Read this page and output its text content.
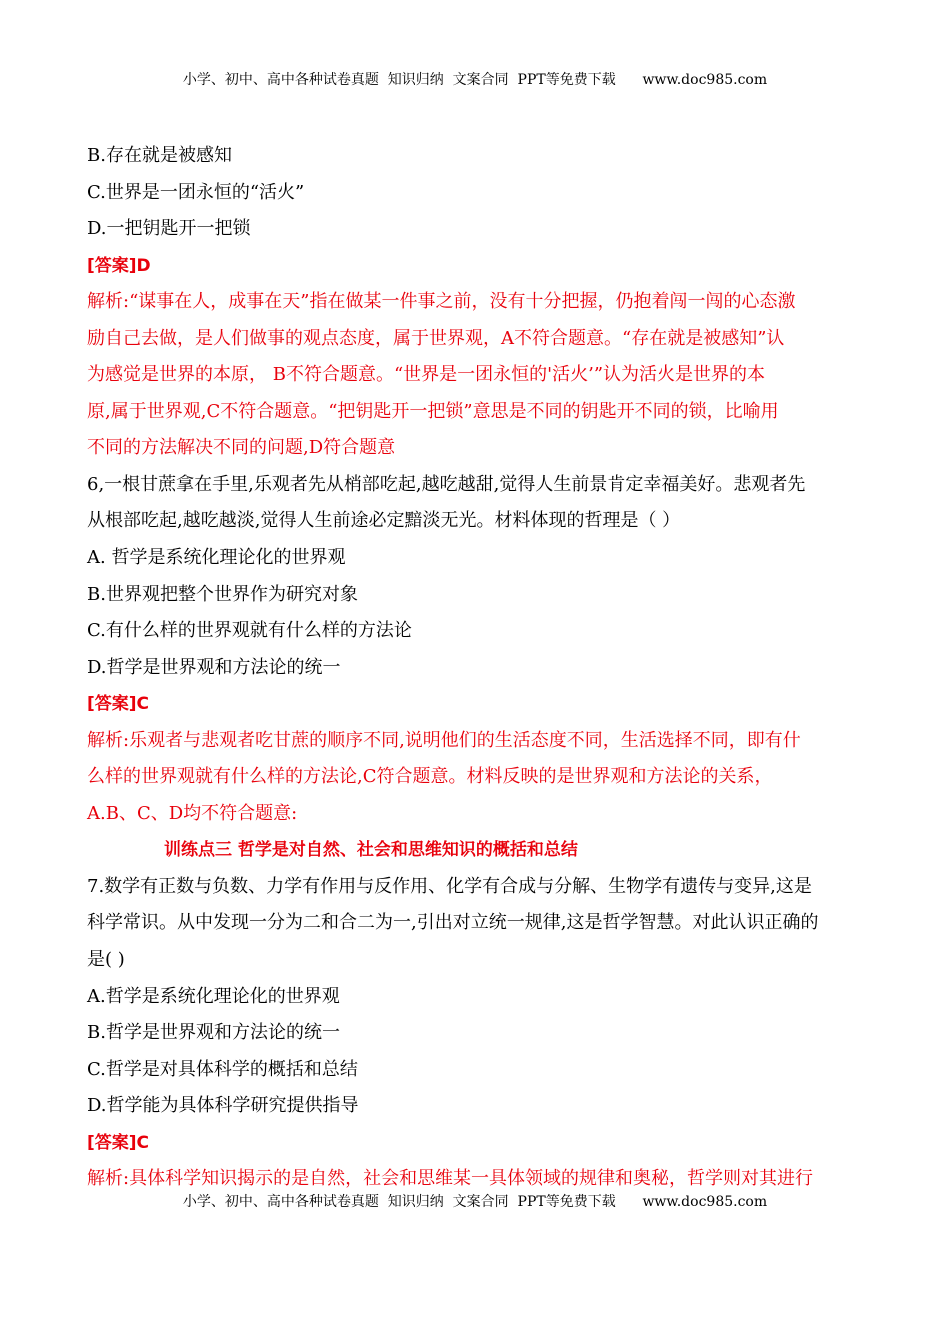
小学、初中、高中各种试卷真题  知识归纳  文案合同  PPT等免费下载      www.doc985.com
B.存在就是被感知
C.世界是一团永恒的“活火”
D.一把钥匙开一把锁
[答案]D
解析:“谋事在人，成事在天”指在做某一件事之前，没有十分把握，仍抱着闯一闯的心态激
励自己去做，是人们做事的观点态度，属于世界观，A不符合题意。“存在就是被感知”认
为感觉是世界的本原， B不符合题意。“世界是一团永恒的'活火’”认为活火是世界的本
原,属于世界观,C不符合题意。“把钥匙开一把锁”意思是不同的钥匙开不同的锁，比喻用
不同的方法解决不同的问题,D符合题意
6,一根甘蔗拿在手里,乐观者先从梢部吃起,越吃越甜,觉得人生前景肯定幸福美好。悲观者先
从根部吃起,越吃越淡,觉得人生前途必定黯淡无光。材料体现的哲理是（ ）
A. 哲学是系统化理论化的世界观
B.世界观把整个世界作为研究对象
C.有什么样的世界观就有什么样的方法论
D.哲学是世界观和方法论的统一
[答案]C
解析:乐观者与悲观者吃甘蔗的顺序不同,说明他们的生活态度不同，生活选择不同，即有什
么样的世界观就有什么样的方法论,C符合题意。材料反映的是世界观和方法论的关系，
A.B、C、D均不符合题意:
训练点三 哲学是对自然、社会和思维知识的概括和总结
7.数学有正数与负数、力学有作用与反作用、化学有合成与分解、生物学有遗传与变异,这是
科学常识。从中发现一分为二和合二为一,引出对立统一规律,这是哲学智慧。对此认识正确的
是( )
A.哲学是系统化理论化的世界观
B.哲学是世界观和方法论的统一
C.哲学是对具体科学的概括和总结
D.哲学能为具体科学研究提供指导
[答案]C
解析:具体科学知识揭示的是自然，社会和思维某一具体领域的规律和奥秘，哲学则对其进行
小学、初中、高中各种试卷真题  知识归纳  文案合同  PPT等免费下载      www.doc985.com
